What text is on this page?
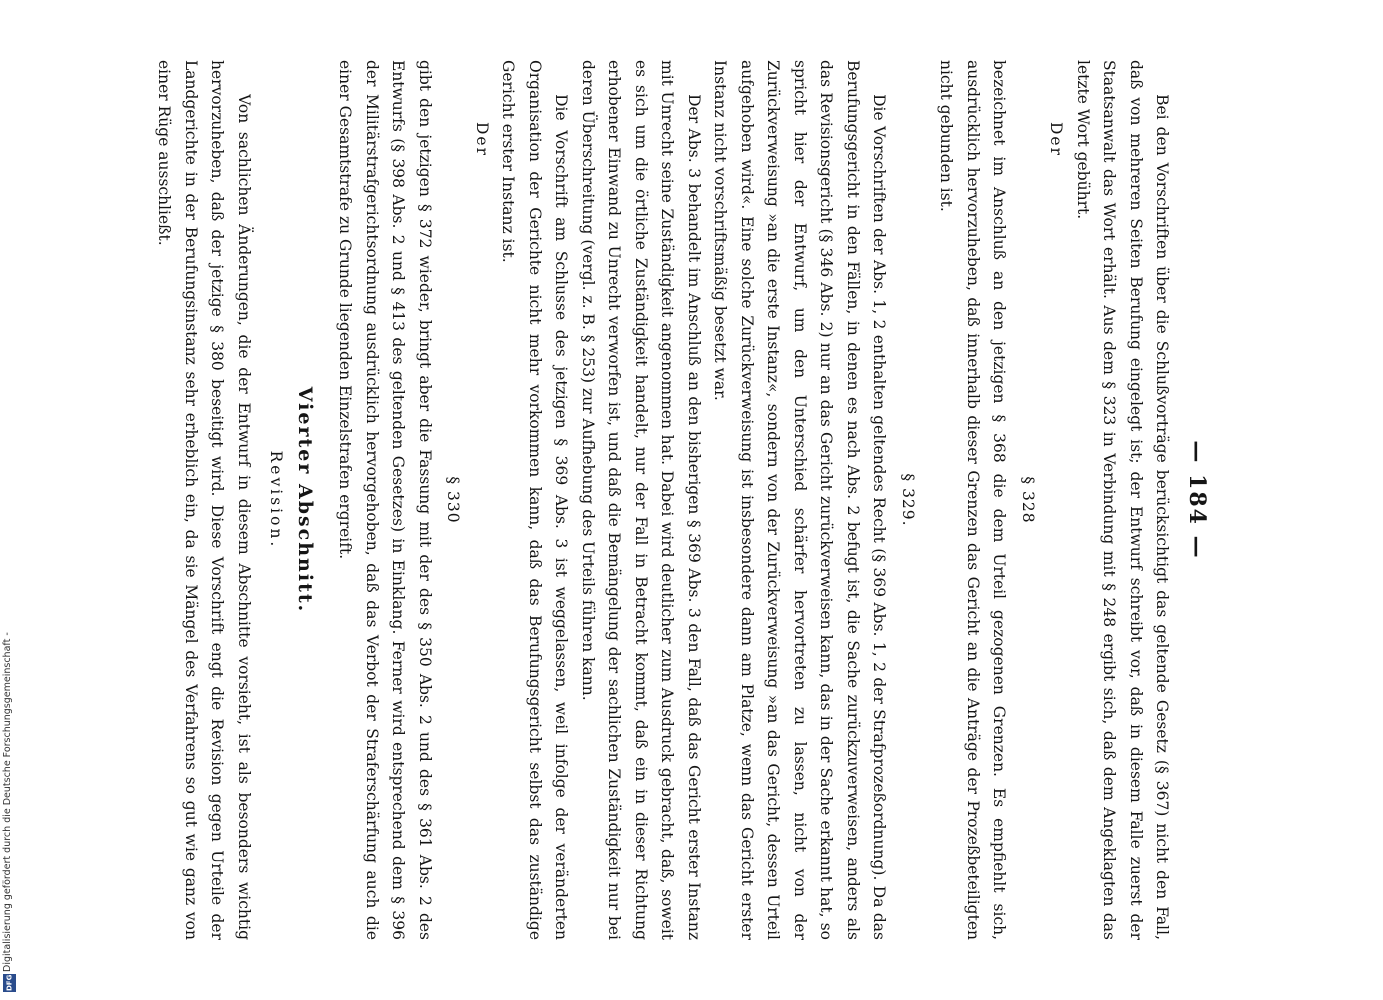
Digitalisierung gefördert durch die Deutsche Forschungsgemeinschaft -
DFG
— 184 —

Bei den Vorschriften über die Schlußvorträge berücksichtigt das geltende Gesetz (§ 367) nicht den Fall, daß von mehreren Seiten Berufung eingelegt ist; der Entwurf schreibt vor, daß in diesem Falle zuerst der Staatsanwalt das Wort erhält. Aus dem § 323 in Verbindung mit § 248 ergibt sich, daß dem Angeklagten das letzte Wort gebührt.

Der

§ 328

bezeichnet im Anschluß an den jetzigen § 368 die dem Urteil gezogenen Grenzen. Es empfiehlt sich, ausdrücklich hervorzuheben, daß innerhalb dieser Grenzen das Gericht an die Anträge der Prozeßbeteiligten nicht gebunden ist.

§ 329.

Die Vorschriften der Abs. 1, 2 enthalten geltendes Recht (§ 369 Abs. 1, 2 der Strafprozeßordnung). Da das Berufungsgericht in den Fällen, in denen es nach Abs. 2 befugt ist, die Sache zurückzuverweisen, anders als das Revisionsgericht (§ 346 Abs. 2) nur an das Gericht zurückverweisen kann, das in der Sache erkannt hat, so spricht hier der Entwurf, um den Unterschied schärfer hervortreten zu lassen, nicht von der Zurückverweisung »an die erste Instanz«, sondern von der Zurückverweisung »an das Gericht, dessen Urteil aufgehoben wird«. Eine solche Zurückverweisung ist insbesondere dann am Platze, wenn das Gericht erster Instanz nicht vorschriftsmäßig besetzt war.

Der Abs. 3 behandelt im Anschluß an den bisherigen § 369 Abs. 3 den Fall, daß das Gericht erster Instanz mit Unrecht seine Zuständigkeit angenommen hat. Dabei wird deutlicher zum Ausdruck gebracht, daß, soweit es sich um die örtliche Zuständigkeit handelt, nur der Fall in Betracht kommt, daß ein in dieser Richtung erhobener Einwand zu Unrecht verworfen ist, und daß die Bemängelung der sachlichen Zuständigkeit nur bei deren Überschreitung (vergl. z. B. § 253) zur Aufhebung des Urteils führen kann.

Die Vorschrift am Schlusse des jetzigen § 369 Abs. 3 ist weggelassen, weil infolge der veränderten Organisation der Gerichte nicht mehr vorkommen kann, daß das Berufungsgericht selbst das zuständige Gericht erster Instanz ist.

Der

§ 330

gibt den jetzigen § 372 wieder, bringt aber die Fassung mit der des § 350 Abs. 2 und des § 361 Abs. 2 des Entwurfs (§ 398 Abs. 2 und § 413 des geltenden Gesetzes) in Einklang. Ferner wird entsprechend dem § 396 der Militärstrafgerichtsordnung ausdrücklich hervorgehoben, daß das Verbot der Straferschärfung auch die einer Gesamtstrafe zu Grunde liegenden Einzelstrafen ergreift.

Vierter Abschnitt.
Revision.

Von sachlichen Änderungen, die der Entwurf in diesem Abschnitte vorsieht, ist als besonders wichtig hervorzuheben, daß der jetzige § 380 beseitigt wird. Diese Vorschrift engt die Revision gegen Urteile der Landgerichte in der Berufungsinstanz sehr erheblich ein, da sie Mängel des Verfahrens so gut wie ganz von einer Rüge ausschließt.
